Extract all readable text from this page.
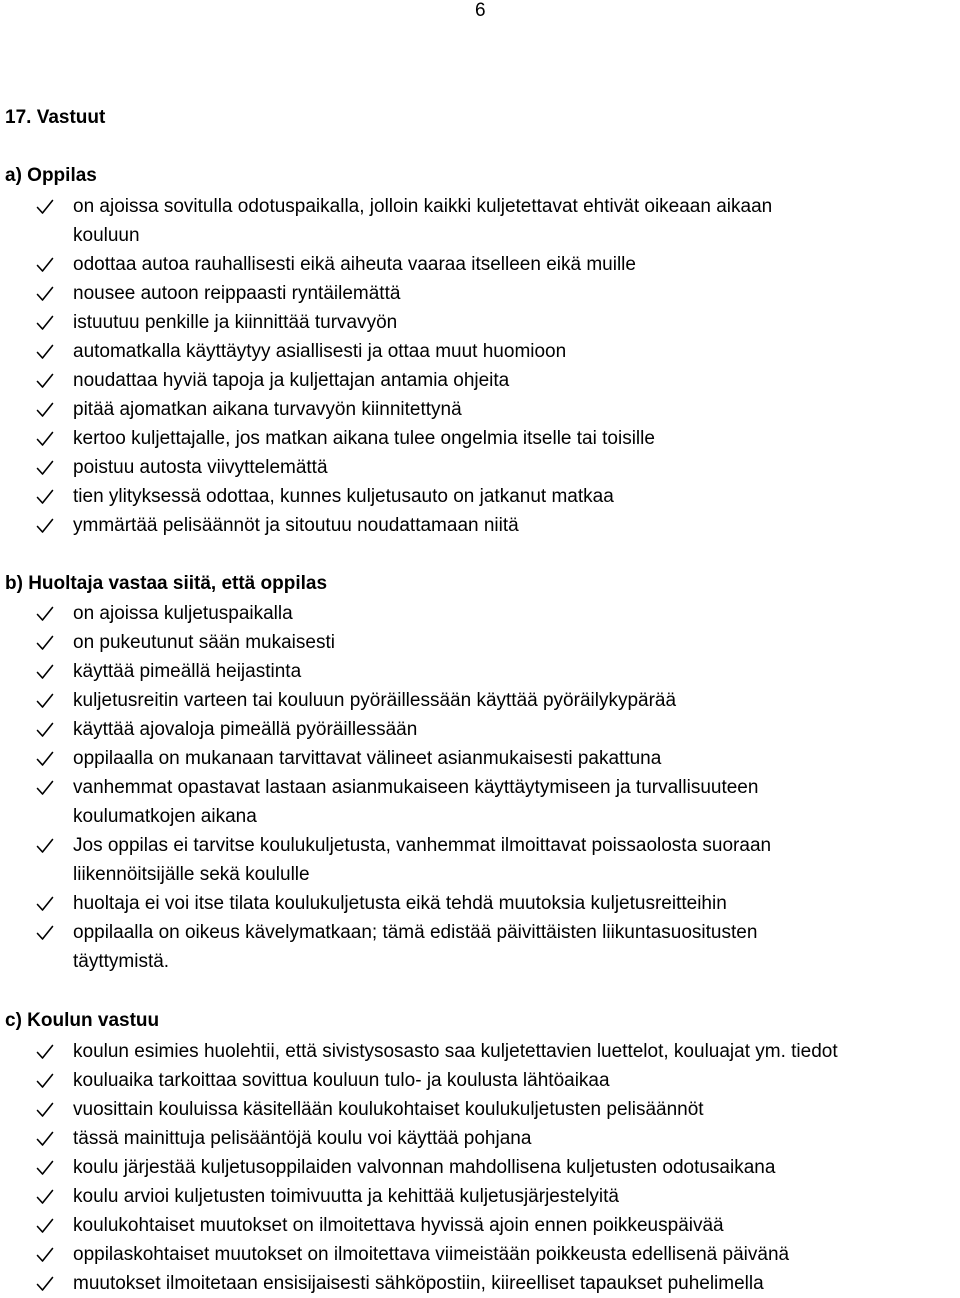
6
17. Vastuut
a) Oppilas
on ajoissa sovitulla odotuspaikalla, jolloin kaikki kuljetettavat ehtivät oikeaan aikaan
kouluun
odottaa autoa rauhallisesti eikä aiheuta vaaraa itselleen eikä muille
nousee autoon reippaasti ryntäilemättä
istuutuu penkille ja kiinnittää turvavyön
automatkalla käyttäytyy asiallisesti ja ottaa muut huomioon
noudattaa hyviä tapoja ja kuljettajan antamia ohjeita
pitää ajomatkan aikana turvavyön kiinnitettynä
kertoo kuljettajalle, jos matkan aikana tulee ongelmia itselle tai toisille
poistuu autosta viivyttelemättä
tien ylityksessä odottaa, kunnes kuljetusauto on jatkanut matkaa
ymmärtää pelisäännöt ja sitoutuu noudattamaan niitä
b) Huoltaja vastaa siitä, että oppilas
on ajoissa kuljetuspaikalla
on pukeutunut sään mukaisesti
käyttää pimeällä heijastinta
kuljetusreitin varteen tai kouluun pyöräillessään käyttää pyöräilykypärää
käyttää ajovaloja pimeällä pyöräillessään
oppilaalla on mukanaan tarvittavat välineet asianmukaisesti pakattuna
vanhemmat opastavat lastaan asianmukaiseen käyttäytymiseen ja turvallisuuteen
koulumatkojen aikana
Jos oppilas ei tarvitse koulukuljetusta, vanhemmat ilmoittavat poissaolosta suoraan
liikennöitsijälle sekä koululle
huoltaja ei voi itse tilata koulukuljetusta eikä tehdä muutoksia kuljetusreitteihin
oppilaalla on oikeus kävelymatkaan; tämä edistää päivittäisten liikuntasuositusten
täyttymistä.
c) Koulun vastuu
koulun esimies huolehtii, että sivistysosasto saa kuljetettavien luettelot, kouluajat ym. tiedot
kouluaika tarkoittaa sovittua kouluun tulo- ja koulusta lähtöaikaa
vuosittain kouluissa käsitellään koulukohtaiset koulukuljetusten pelisäännöt
tässä mainittuja pelisääntöjä koulu voi käyttää pohjana
koulu järjestää kuljetusoppilaiden valvonnan mahdollisena kuljetusten odotusaikana
koulu arvioi kuljetusten toimivuutta ja kehittää kuljetusjärjestelyitä
koulukohtaiset muutokset on ilmoitettava hyvissä ajoin ennen poikkeuspäivää
oppilaskohtaiset muutokset on ilmoitettava viimeistään poikkeusta edellisenä päivänä
muutokset ilmoitetaan ensisijaisesti sähköpostiin, kiireelliset tapaukset puhelimella
